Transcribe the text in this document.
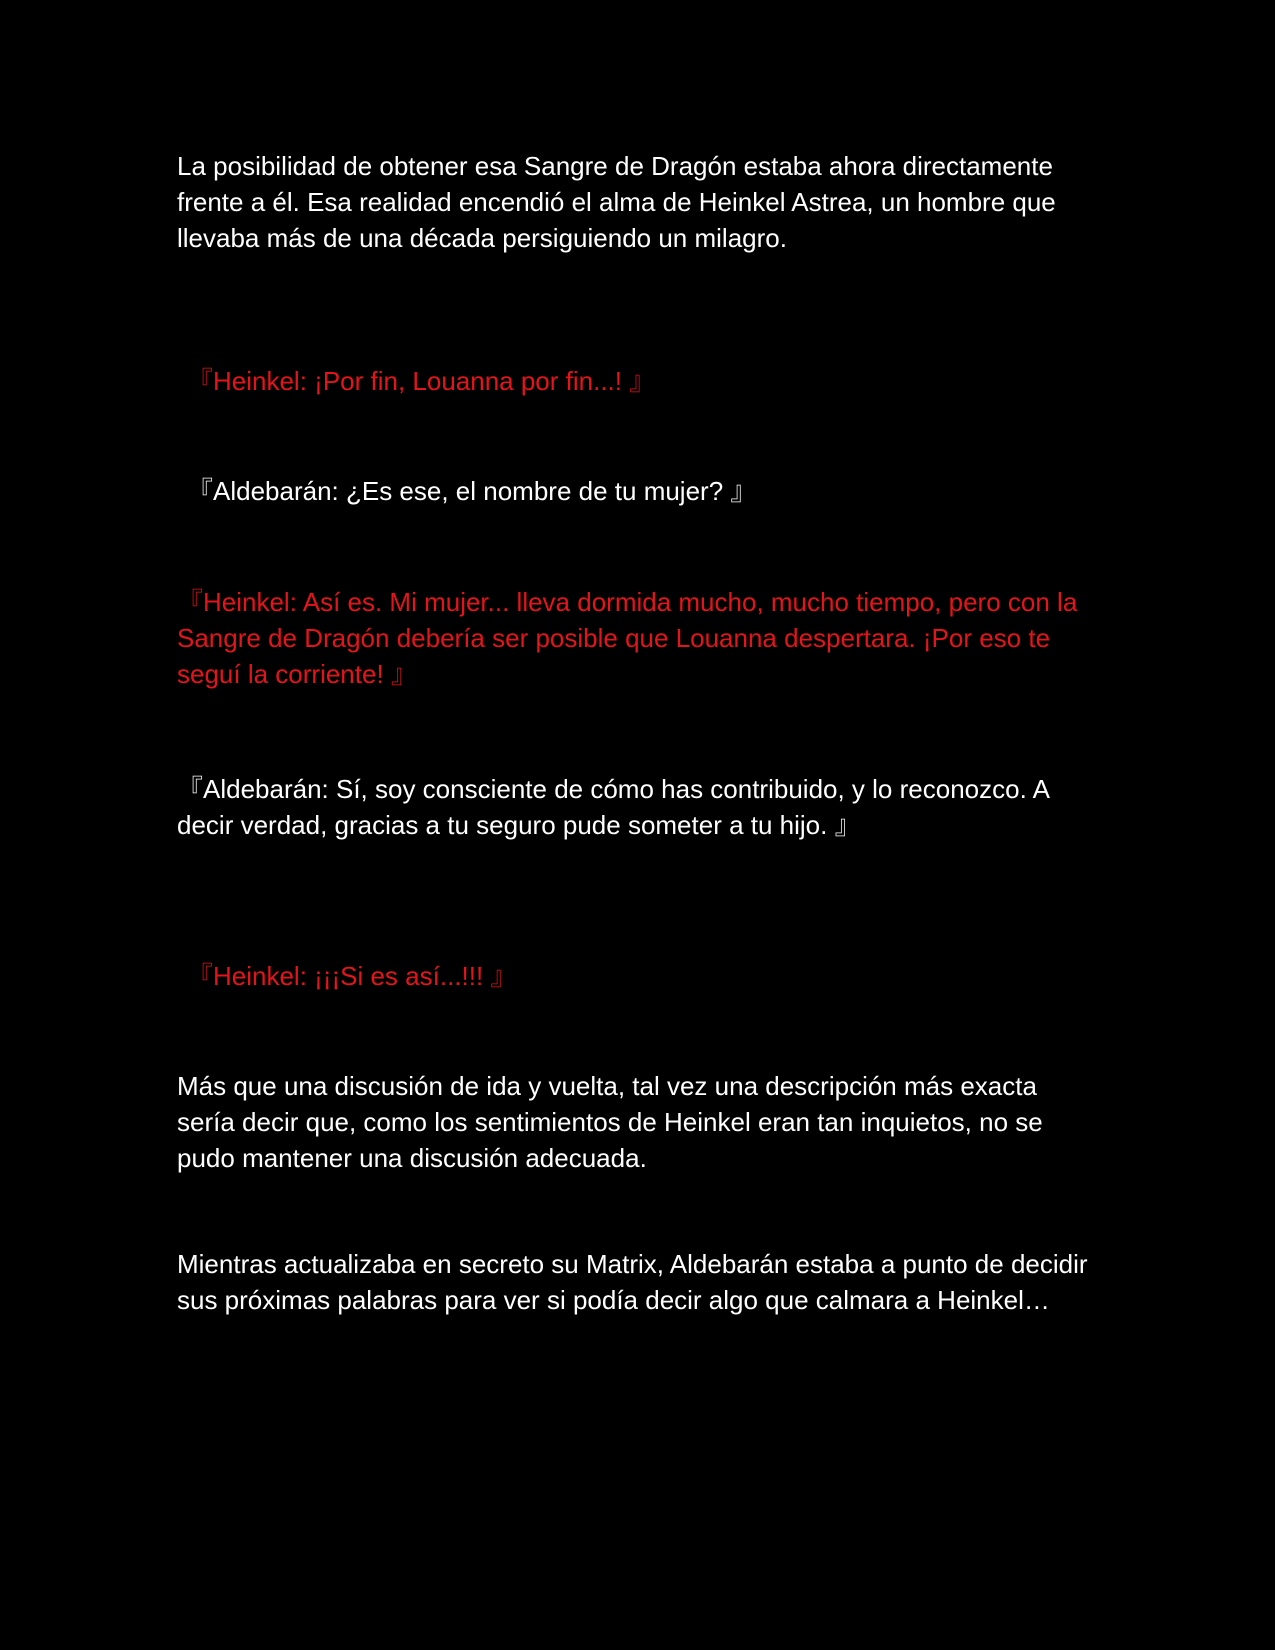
La posibilidad de obtener esa Sangre de Dragón estaba ahora directamente frente a él. Esa realidad encendió el alma de Heinkel Astrea, un hombre que llevaba más de una década persiguiendo un milagro.

『Heinkel: ¡Por fin, Louanna por fin...! 』

『Aldebarán: ¿Es ese, el nombre de tu mujer? 』

『Heinkel: Así es. Mi mujer... lleva dormida mucho, mucho tiempo, pero con la Sangre de Dragón debería ser posible que Louanna despertara. ¡Por eso te seguí la corriente! 』

『Aldebarán: Sí, soy consciente de cómo has contribuido, y lo reconozco. A decir verdad, gracias a tu seguro pude someter a tu hijo. 』

『Heinkel: ¡¡¡Si es así...!!! 』

Más que una discusión de ida y vuelta, tal vez una descripción más exacta sería decir que, como los sentimientos de Heinkel eran tan inquietos, no se pudo mantener una discusión adecuada.

Mientras actualizaba en secreto su Matrix, Aldebarán estaba a punto de decidir sus próximas palabras para ver si podía decir algo que calmara a Heinkel…
